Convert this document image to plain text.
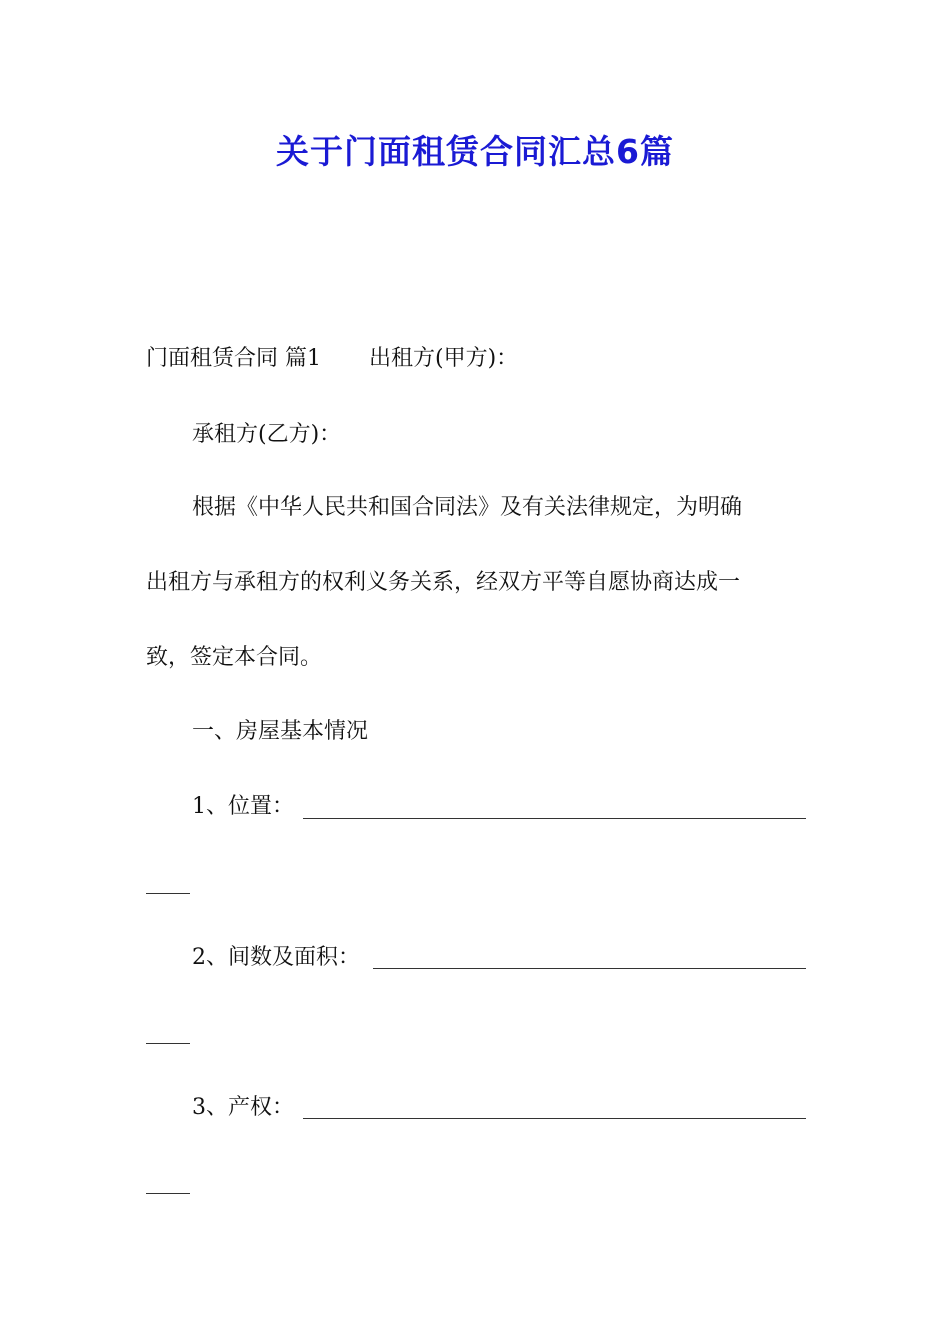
关于门面租赁合同汇总6篇
门面租赁合同 篇1 出租方(甲方)：
承租方(乙方)：
根据《中华人民共和国合同法》及有关法律规定，为明确
出租方与承租方的权利义务关系，经双方平等自愿协商达成一
致，签定本合同。
一、房屋基本情况
1、位置：
2、间数及面积：
3、产权：
